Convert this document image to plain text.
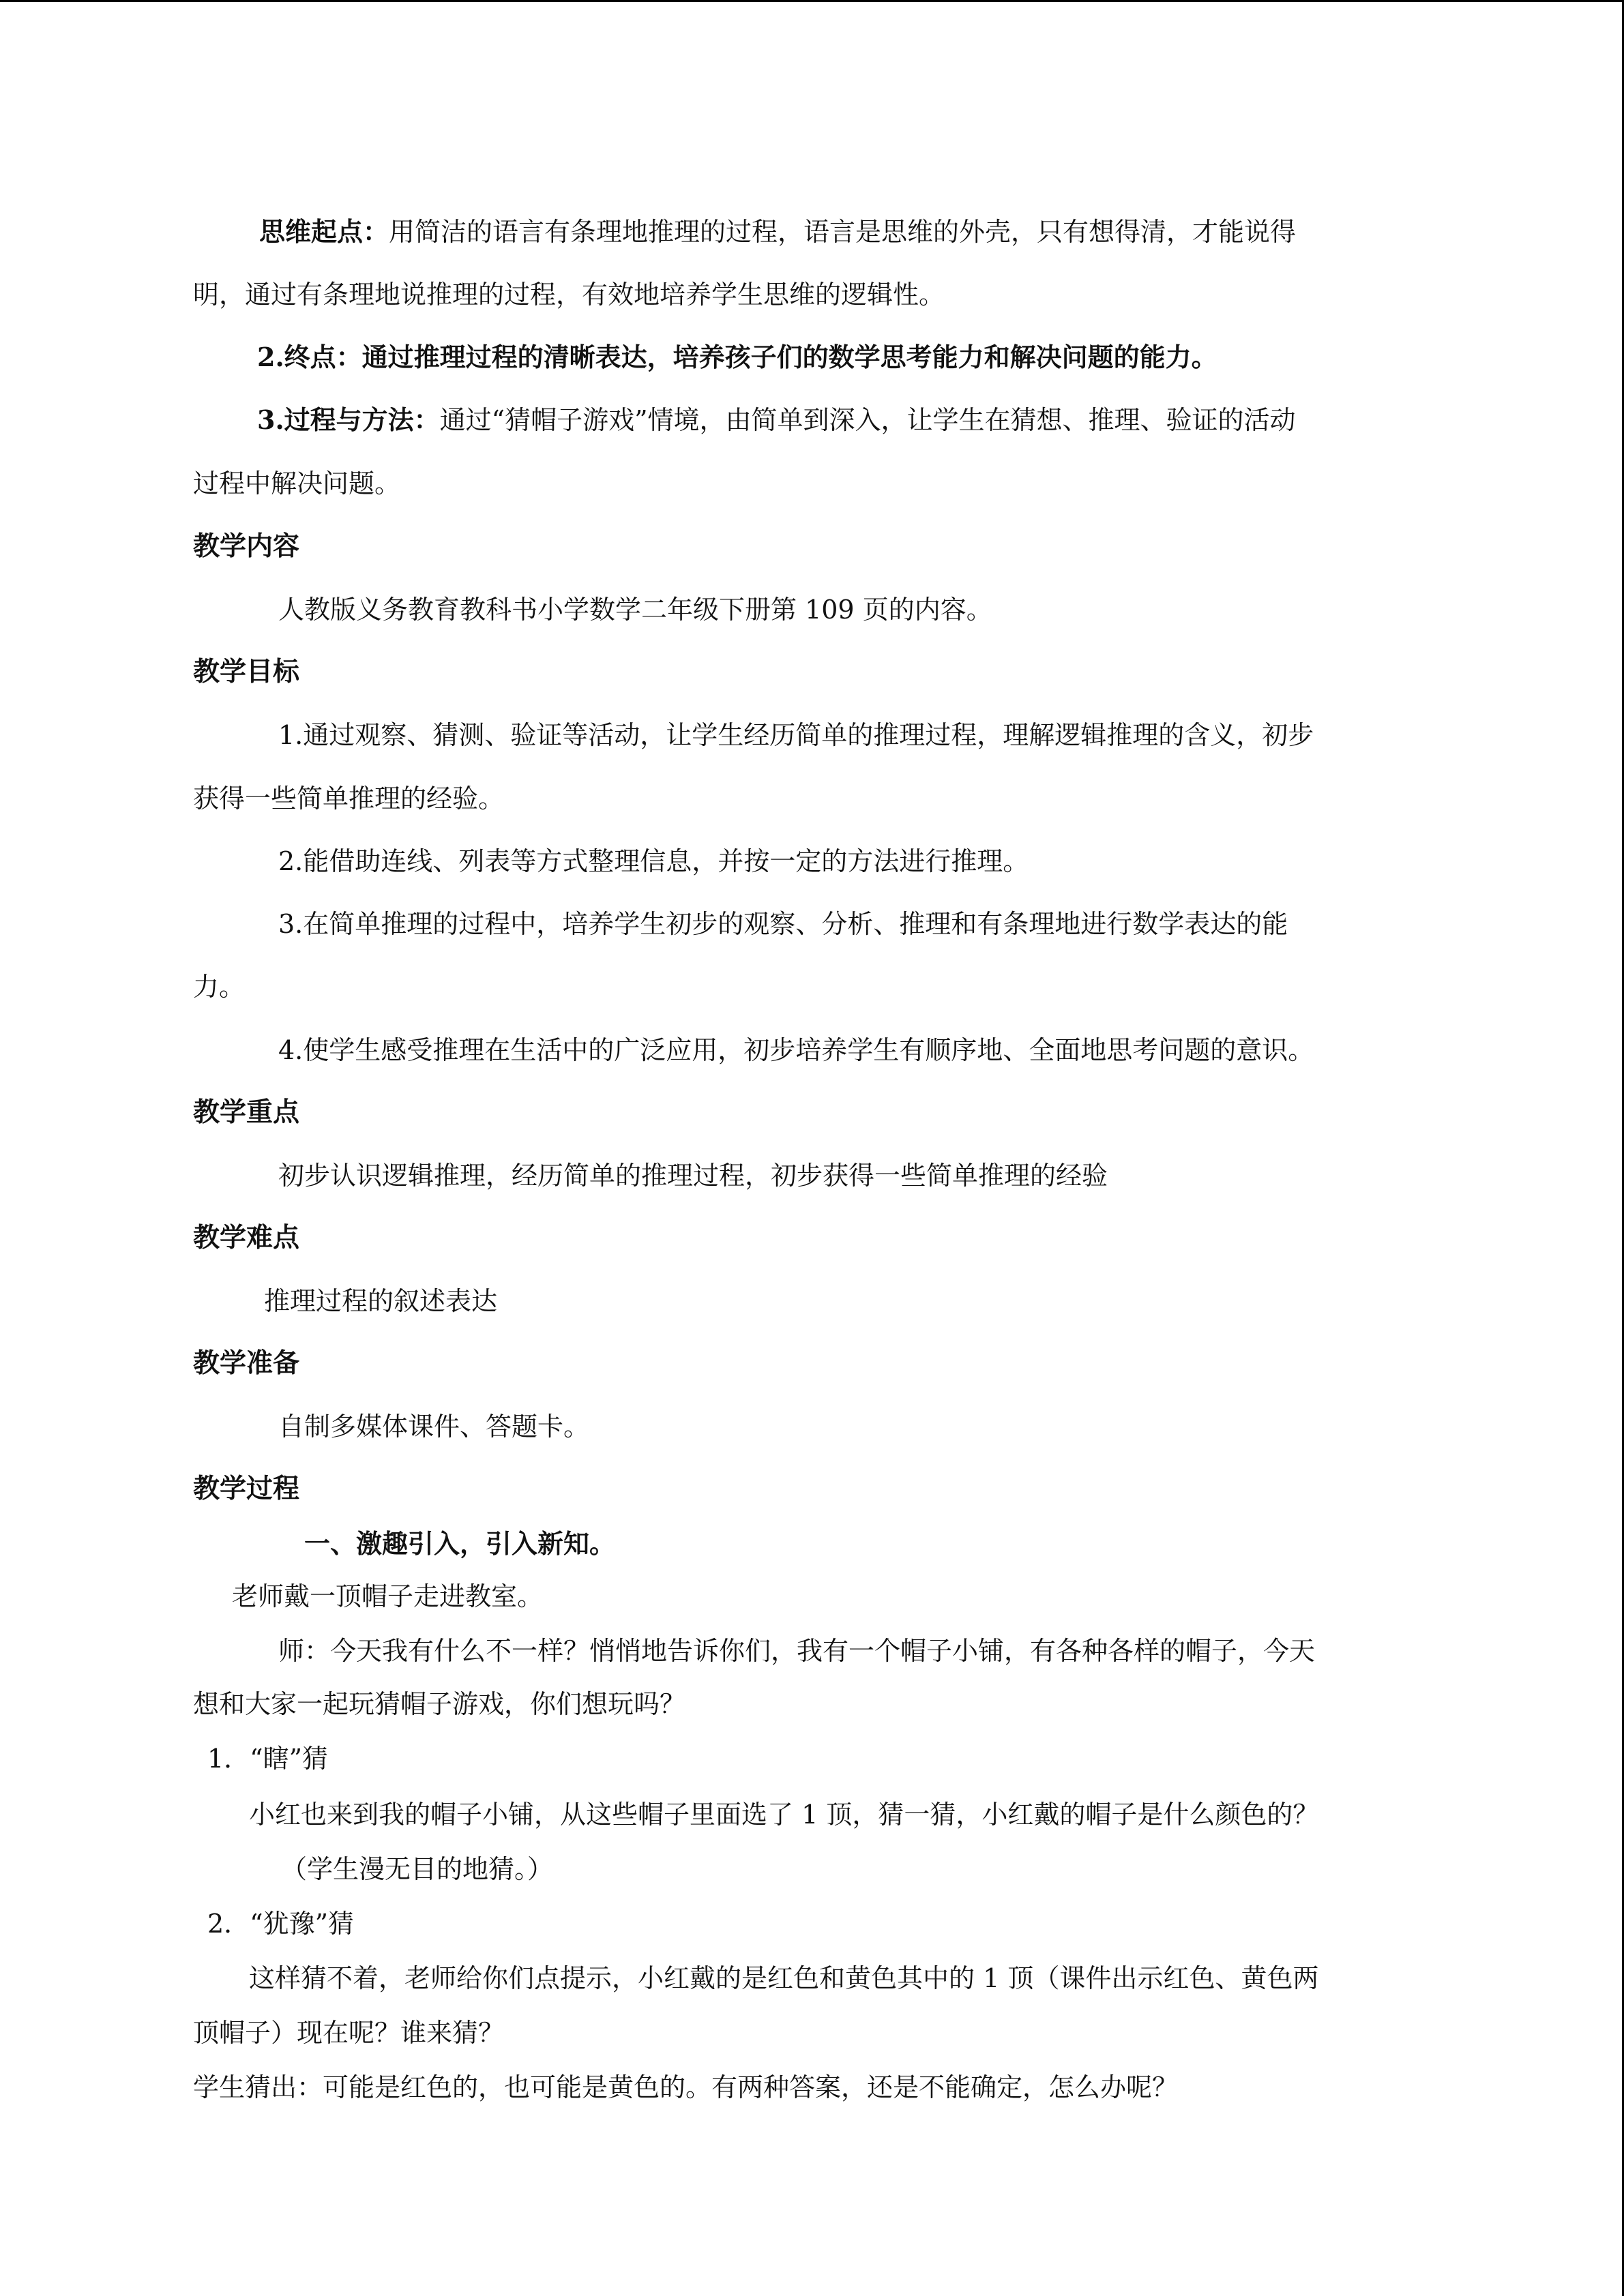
思维起点：用简洁的语言有条理地推理的过程，语言是思维的外壳，只有想得清，才能说得
明，通过有条理地说推理的过程，有效地培养学生思维的逻辑性。
2.终点：通过推理过程的清晰表达，培养孩子们的数学思考能力和解决问题的能力。
3.过程与方法：通过“猜帽子游戏”情境，由简单到深入，让学生在猜想、推理、验证的活动
过程中解决问题。
教学内容
人教版义务教育教科书小学数学二年级下册第 109 页的内容。
教学目标
1.通过观察、猜测、验证等活动，让学生经历简单的推理过程，理解逻辑推理的含义，初步
获得一些简单推理的经验。
2.能借助连线、列表等方式整理信息，并按一定的方法进行推理。
3.在简单推理的过程中，培养学生初步的观察、分析、推理和有条理地进行数学表达的能
力。
4.使学生感受推理在生活中的广泛应用，初步培养学生有顺序地、全面地思考问题的意识。
教学重点
初步认识逻辑推理，经历简单的推理过程，初步获得一些简单推理的经验
教学难点
推理过程的叙述表达
教学准备
自制多媒体课件、答题卡。
教学过程
一、激趣引入，引入新知。
老师戴一顶帽子走进教室。
师：今天我有什么不一样？悄悄地告诉你们，我有一个帽子小铺，有各种各样的帽子，今天
想和大家一起玩猜帽子游戏，你们想玩吗？
1．“瞎”猜
小红也来到我的帽子小铺，从这些帽子里面选了 1 顶，猜一猜，小红戴的帽子是什么颜色的？
（学生漫无目的地猜。）
2．“犹豫”猜
这样猜不着，老师给你们点提示，小红戴的是红色和黄色其中的 1 顶（课件出示红色、黄色两
顶帽子）现在呢？谁来猜？
学生猜出：可能是红色的，也可能是黄色的。有两种答案，还是不能确定，怎么办呢？
